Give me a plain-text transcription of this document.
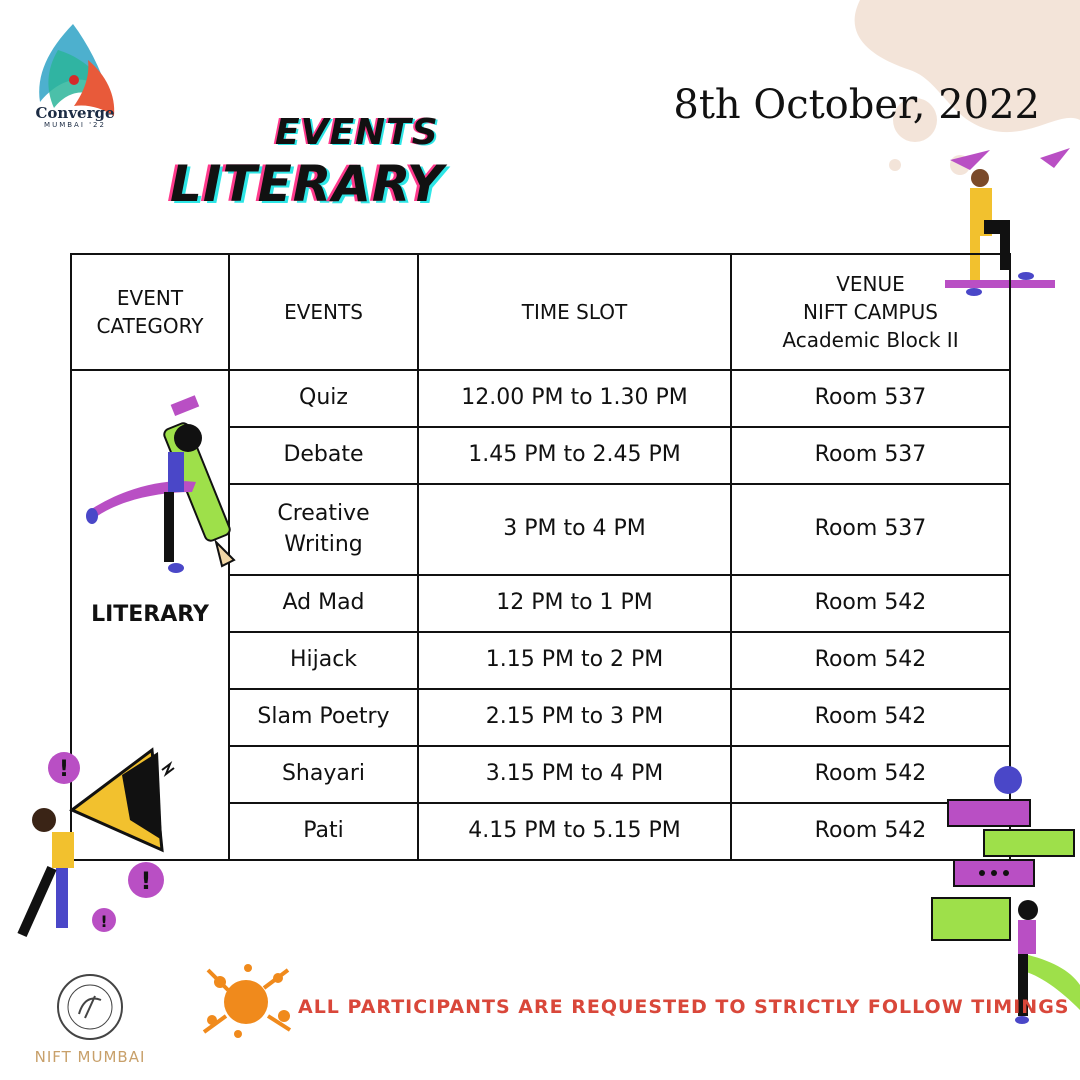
Converge
MUMBAI '22	8th October, 2022
EVENTS
LITERARY
EVENT
CATEGORY	EVENTS	TIME SLOT	VENUE
NIFT CAMPUS
Academic Block II

LITERARY	Quiz	12.00 PM to 1.30 PM	Room 537
	Debate	1.45 PM to 2.45 PM	Room 537

	Creative
Writing	3 PM to 4 PM	Room 537
	Ad Mad	12 PM to 1 PM	Room 542
	Hijack	1.15 PM to 2 PM	Room 542
	Slam Poetry	2.15 PM to 3 PM	Room 542
	Shayari	3.15 PM to 4 PM	Room 542
	Pati	4.15 PM to 5.15 PM	Room 542
!
!
!
ALL PARTICIPANTS ARE REQUESTED TO STRICTLY FOLLOW TIMINGS
NIFT MUMBAI
